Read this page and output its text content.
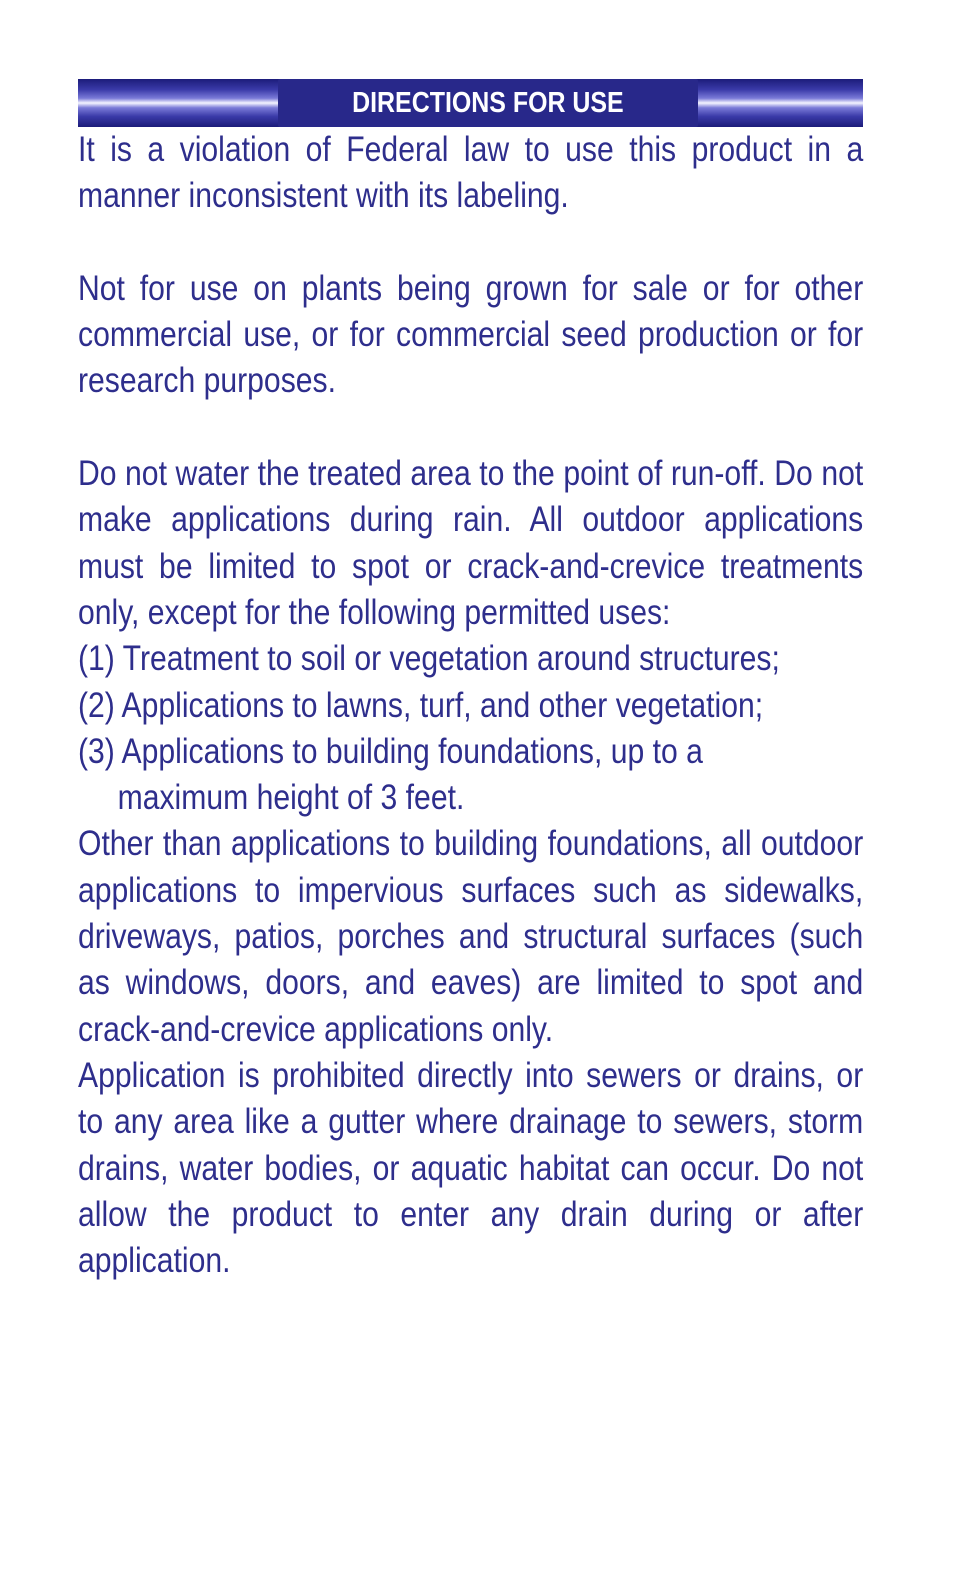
DIRECTIONS FOR USE

It is a violation of Federal law to use this product in a manner inconsistent with its labeling.

Not for use on plants being grown for sale or for other commercial use, or for commercial seed production or for research purposes.

Do not water the treated area to the point of run-off. Do not make applications during rain. All outdoor applications must be limited to spot or crack-and-crevice treatments only, except for the following permitted uses:

(1) Treatment to soil or vegetation around structures;
(2) Applications to lawns, turf, and other vegetation;
(3) Applications to building foundations, up to a
maximum height of 3 feet.

Other than applications to building foundations, all outdoor applications to impervious surfaces such as sidewalks, driveways, patios, porches and structural surfaces (such as windows, doors, and eaves) are limited to spot and crack-and-crevice applications only.

Application is prohibited directly into sewers or drains, or to any area like a gutter where drainage to sewers, storm drains, water bodies, or aquatic habitat can occur. Do not allow the product to enter any drain during or after application.
